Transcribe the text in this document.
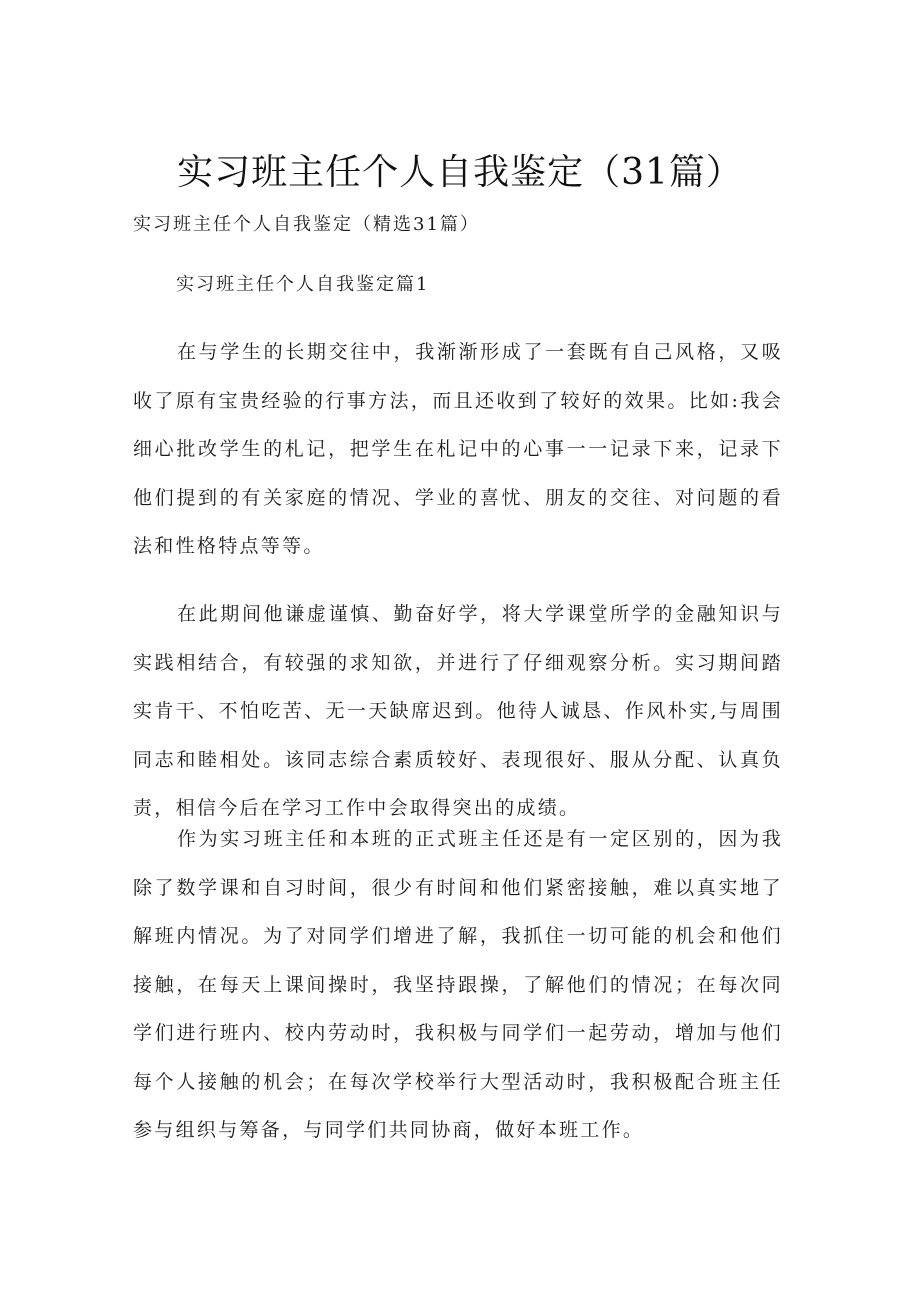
实习班主任个人自我鉴定（31篇）

实习班主任个人自我鉴定（精选31篇）

实习班主任个人自我鉴定篇1

在与学生的长期交往中，我渐渐形成了一套既有自己风格，又吸收了原有宝贵经验的行事方法，而且还收到了较好的效果。比如:我会细心批改学生的札记，把学生在札记中的心事一一记录下来，记录下他们提到的有关家庭的情况、学业的喜忧、朋友的交往、对问题的看法和性格特点等等。

在此期间他谦虚谨慎、勤奋好学，将大学课堂所学的金融知识与实践相结合，有较强的求知欲，并进行了仔细观察分析。实习期间踏实肯干、不怕吃苦、无一天缺席迟到。他待人诚恳、作风朴实,与周围同志和睦相处。该同志综合素质较好、表现很好、服从分配、认真负责，相信今后在学习工作中会取得突出的成绩。

作为实习班主任和本班的正式班主任还是有一定区别的，因为我除了数学课和自习时间，很少有时间和他们紧密接触，难以真实地了解班内情况。为了对同学们增进了解，我抓住一切可能的机会和他们接触，在每天上课间操时，我坚持跟操，了解他们的情况；在每次同学们进行班内、校内劳动时，我积极与同学们一起劳动，增加与他们每个人接触的机会；在每次学校举行大型活动时，我积极配合班主任参与组织与筹备，与同学们共同协商，做好本班工作。
